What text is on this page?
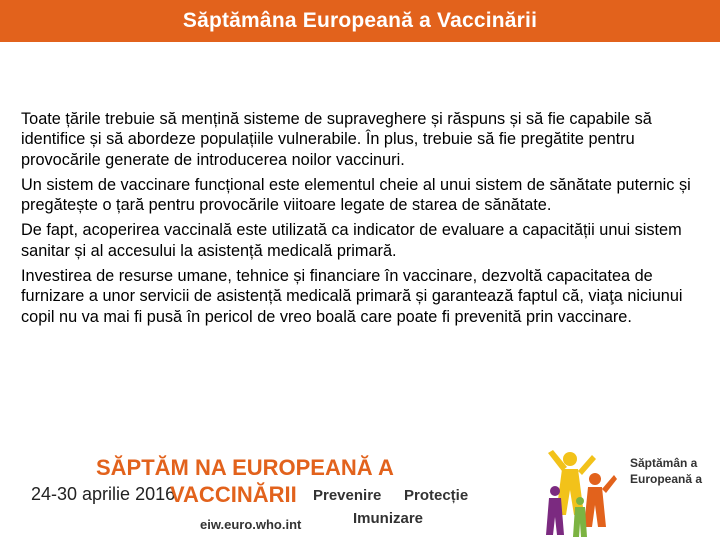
Săptămâna Europeană a Vaccinării

Toate țările trebuie să mențină sisteme de supraveghere și răspuns și să fie capabile să identifice și să abordeze populațiile vulnerabile. În plus, trebuie să fie pregătite pentru provocările generate de introducerea noilor vaccinuri.

Un sistem de vaccinare funcțional este elementul cheie al unui sistem de sănătate puternic și pregătește o țară pentru provocările viitoare legate de starea de sănătate.

De fapt, acoperirea vaccinală este utilizată ca indicator de evaluare a capacității unui sistem sanitar și al accesului la asistență medicală primară.

Investirea de resurse umane, tehnice și financiare în vaccinare, dezvoltă capacitatea de furnizare a unor servicii de asistență medicală primară și garantează faptul că, viaţa niciunui copil nu va mai fi pusă în pericol de vreo boală care poate fi prevenită prin vaccinare.

SĂPTĂM NA EUROPEANĂ A
24-30 aprilie 2016
VACCINĂRII Prevenire Protecție
Imunizare
eiw.euro.who.int
Săptămân a Europeană a
